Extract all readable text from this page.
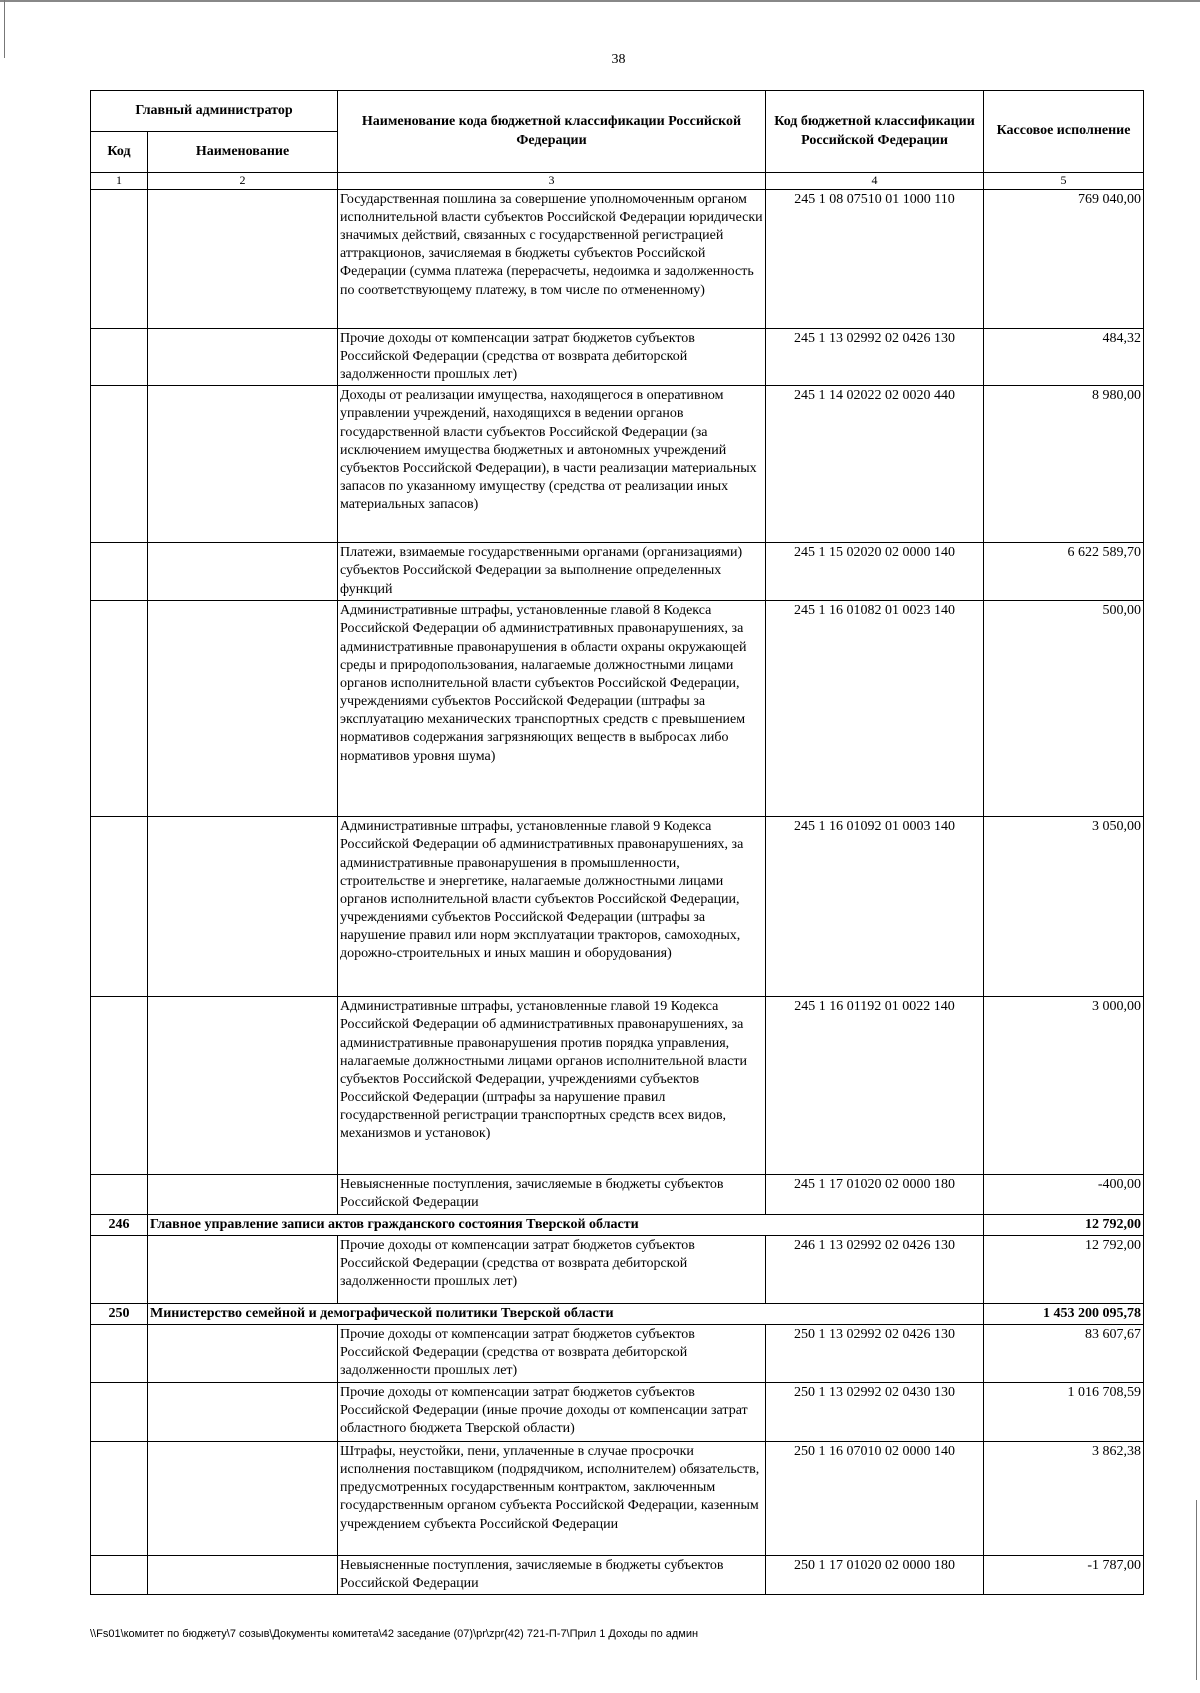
38
Главный администратор		Наименование кода бюджетной классификации Российской Федерации	Код бюджетной классификации Российской Федерации	Кассовое исполнение
Код	Наименование			
1	2	3	4	5
		Государственная пошлина за совершение уполномоченным органом исполнительной власти субъектов Российской Федерации юридически значимых действий, связанных с государственной регистрацией аттракционов, зачисляемая в бюджеты субъектов Российской Федерации (сумма платежа (перерасчеты, недоимка и задолженность по соответствующему платежу, в том числе по отмененному)	245 1 08 07510 01 1000 110	769 040,00
		Прочие доходы от компенсации затрат бюджетов субъектов Российской Федерации (средства от возврата дебиторской задолженности прошлых лет)	245 1 13 02992 02 0426 130	484,32
		Доходы от реализации имущества, находящегося в оперативном управлении учреждений, находящихся в ведении органов государственной власти субъектов Российской Федерации (за исключением имущества бюджетных и автономных учреждений субъектов Российской Федерации), в части реализации материальных запасов по указанному имуществу (средства от реализации иных материальных запасов)	245 1 14 02022 02 0020 440	8 980,00
		Платежи, взимаемые государственными органами (организациями) субъектов Российской Федерации за выполнение определенных функций	245 1 15 02020 02 0000 140	6 622 589,70
		Административные штрафы, установленные главой 8 Кодекса Российской Федерации об административных правонарушениях, за административные правонарушения в области охраны окружающей среды и природопользования, налагаемые должностными лицами органов исполнительной власти субъектов Российской Федерации, учреждениями субъектов Российской Федерации (штрафы за эксплуатацию механических транспортных средств с превышением нормативов содержания загрязняющих веществ в выбросах либо нормативов уровня шума)	245 1 16 01082 01 0023 140	500,00
		Административные штрафы, установленные главой 9 Кодекса Российской Федерации об административных правонарушениях, за административные правонарушения в промышленности, строительстве и энергетике, налагаемые должностными лицами органов исполнительной власти субъектов Российской Федерации, учреждениями субъектов Российской Федерации (штрафы за нарушение правил или норм эксплуатации тракторов, самоходных, дорожно-строительных и иных машин и оборудования)	245 1 16 01092 01 0003 140	3 050,00
		Административные штрафы, установленные главой 19 Кодекса Российской Федерации об административных правонарушениях, за административные правонарушения против порядка управления, налагаемые должностными лицами органов исполнительной власти субъектов Российской Федерации, учреждениями субъектов Российской Федерации (штрафы за нарушение правил государственной регистрации транспортных средств всех видов, механизмов и установок)	245 1 16 01192 01 0022 140	3 000,00
		Невыясненные поступления, зачисляемые в бюджеты субъектов Российской Федерации	245 1 17 01020 02 0000 180	-400,00
246	Главное управление записи актов гражданского состояния Тверской области			12 792,00
		Прочие доходы от компенсации затрат бюджетов субъектов Российской Федерации (средства от возврата дебиторской задолженности прошлых лет)	246 1 13 02992 02 0426 130	12 792,00
250	Министерство семейной и демографической политики Тверской области			1 453 200 095,78
		Прочие доходы от компенсации затрат бюджетов субъектов Российской Федерации (средства от возврата дебиторской задолженности прошлых лет)	250 1 13 02992 02 0426 130	83 607,67
		Прочие доходы от компенсации затрат бюджетов субъектов Российской Федерации (иные прочие доходы от компенсации затрат областного бюджета Тверской области)	250 1 13 02992 02 0430 130	1 016 708,59
		Штрафы, неустойки, пени, уплаченные в случае просрочки исполнения поставщиком (подрядчиком, исполнителем) обязательств, предусмотренных государственным контрактом, заключенным государственным органом субъекта Российской Федерации, казенным учреждением субъекта Российской Федерации	250 1 16 07010 02 0000 140	3 862,38
		Невыясненные поступления, зачисляемые в бюджеты субъектов Российской Федерации	250 1 17 01020 02 0000 180	-1 787,00
\\Fs01\комитет по бюджету\7 созыв\Документы комитета\42 заседание (07)\pr\zpr(42) 721-П-7\Прил 1 Доходы по админ
